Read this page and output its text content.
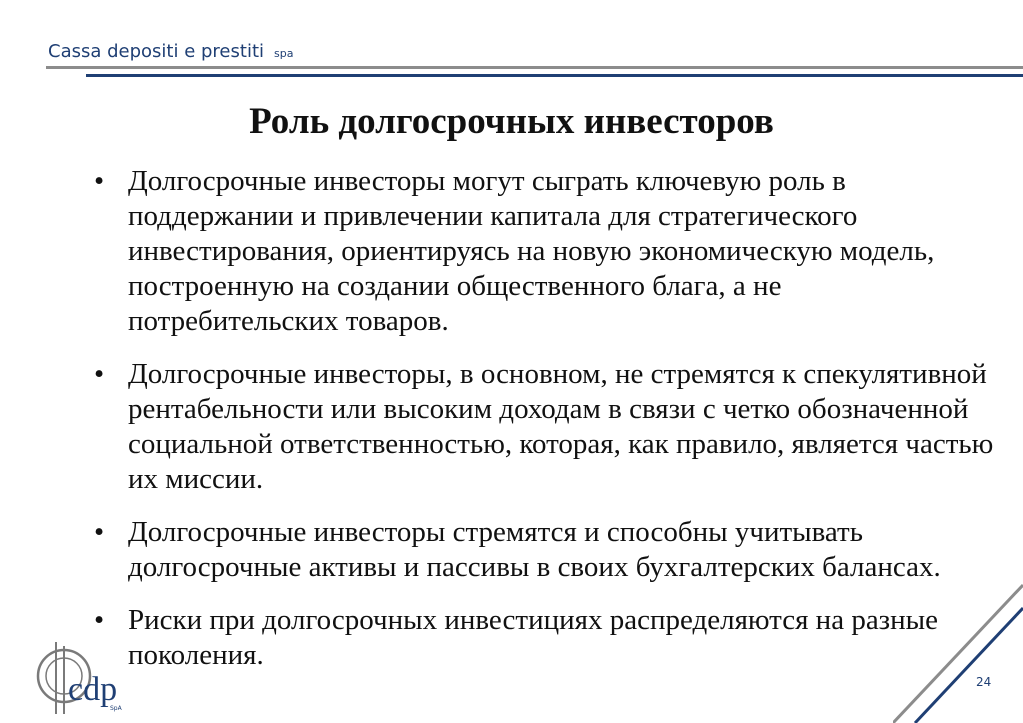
Cassa depositi e prestiti spa
Роль долгосрочных инвесторов
• Долгосрочные инвесторы могут сыграть ключевую роль в поддержании и привлечении капитала для стратегического инвестирования, ориентируясь на новую экономическую модель, построенную на создании общественного блага, а не потребительских товаров.
• Долгосрочные инвесторы, в основном, не стремятся к спекулятивной рентабельности или высоким доходам в связи с четко обозначенной социальной ответственностью, которая, как правило, является частью их миссии.
• Долгосрочные инвесторы стремятся и способны учитывать долгосрочные активы и пассивы в своих бухгалтерских балансах.
• Риски при долгосрочных инвестициях распределяются на разные поколения.
cdp
SpA
24
